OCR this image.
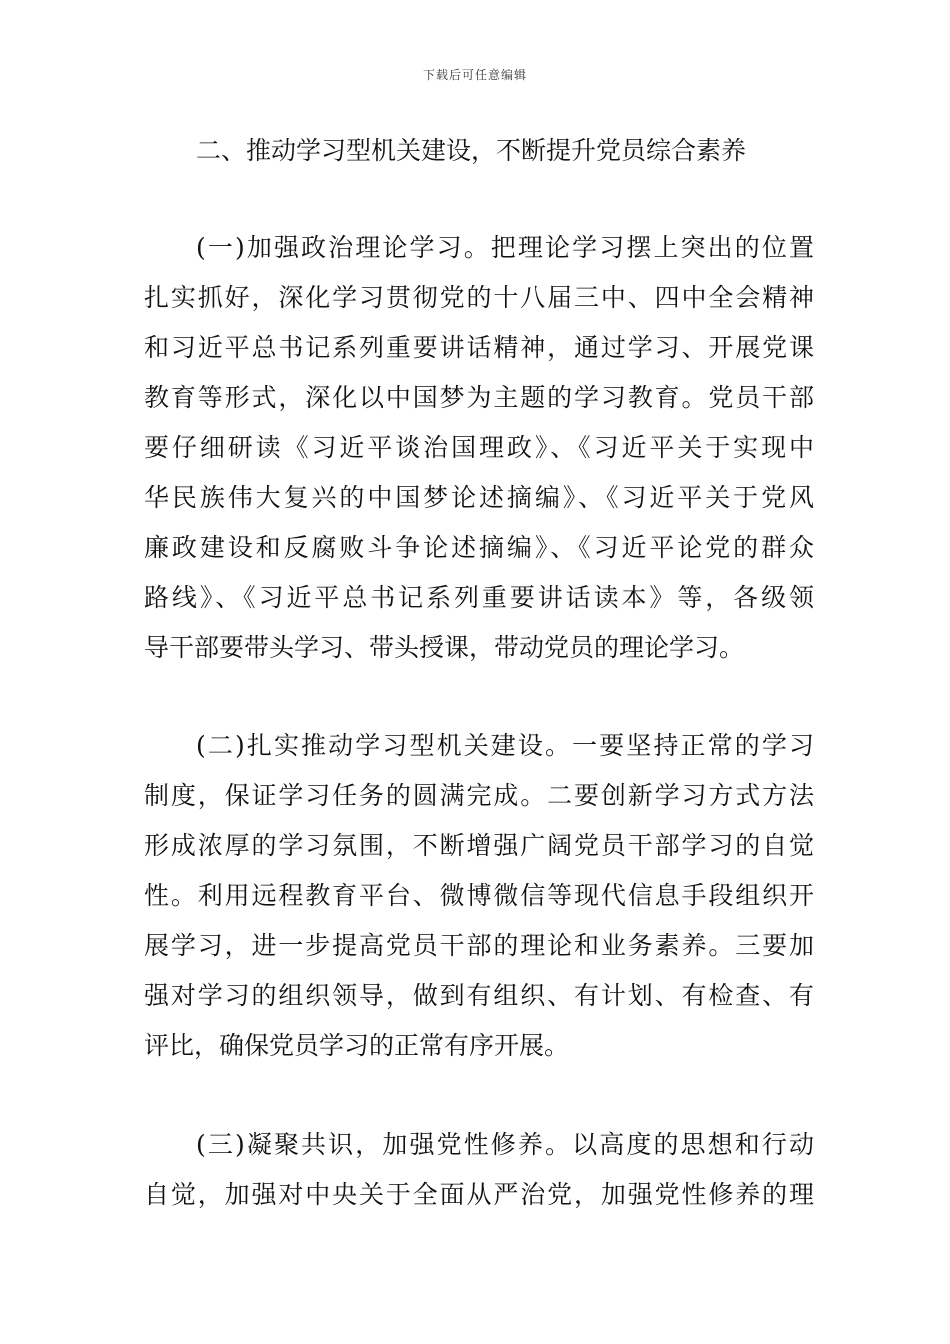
下载后可任意编辑
二、推动学习型机关建设，不断提升党员综合素养
(一)加强政治理论学习。把理论学习摆上突出的位置
扎实抓好，深化学习贯彻党的十八届三中、四中全会精神
和习近平总书记系列重要讲话精神，通过学习、开展党课
教育等形式，深化以中国梦为主题的学习教育。党员干部
要仔细研读《习近平谈治国理政》、《习近平关于实现中
华民族伟大复兴的中国梦论述摘编》、《习近平关于党风
廉政建设和反腐败斗争论述摘编》、《习近平论党的群众
路线》、《习近平总书记系列重要讲话读本》等，各级领
导干部要带头学习、带头授课，带动党员的理论学习。
(二)扎实推动学习型机关建设。一要坚持正常的学习
制度，保证学习任务的圆满完成。二要创新学习方式方法
形成浓厚的学习氛围，不断增强广阔党员干部学习的自觉
性。利用远程教育平台、微博微信等现代信息手段组织开
展学习，进一步提高党员干部的理论和业务素养。三要加
强对学习的组织领导，做到有组织、有计划、有检查、有
评比，确保党员学习的正常有序开展。
(三)凝聚共识，加强党性修养。以高度的思想和行动
自觉，加强对中央关于全面从严治党，加强党性修养的理
